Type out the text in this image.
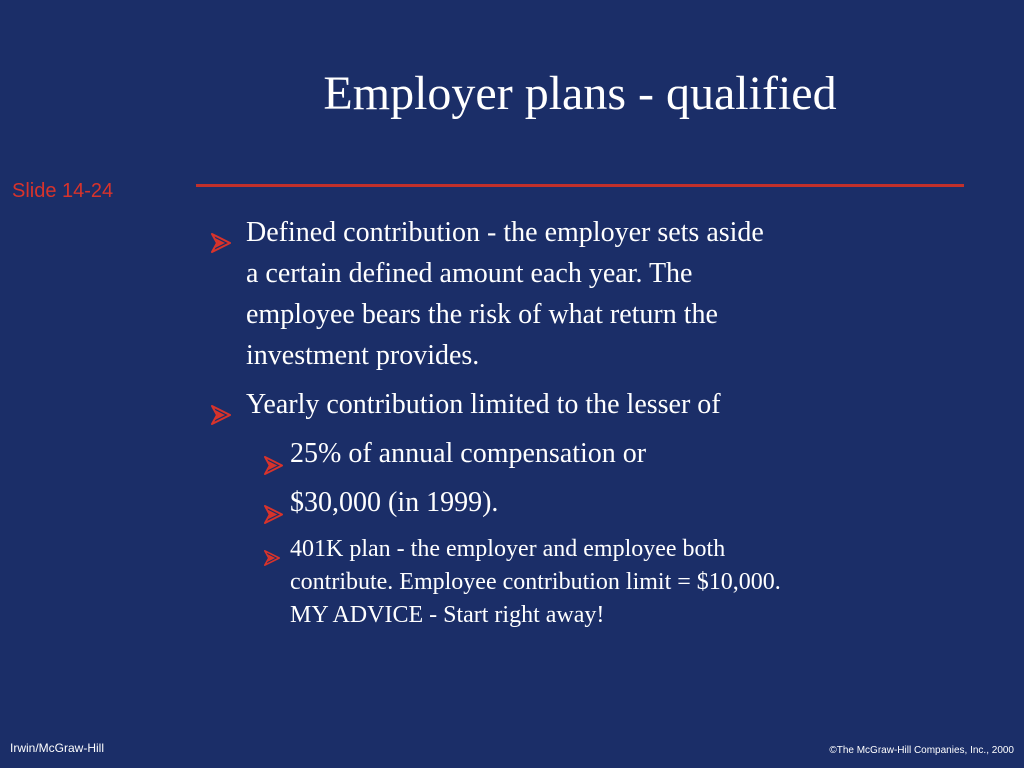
Employer plans - qualified
Slide 14-24
Defined contribution - the employer sets aside
a certain defined amount each year. The
employee bears the risk of what return the
investment provides.
Yearly contribution limited to the lesser of
25% of annual compensation or
$30,000 (in 1999).
401K plan - the employer and employee both
contribute. Employee contribution limit = $10,000.
MY ADVICE - Start right away!
Irwin/McGraw-Hill	©The McGraw-Hill Companies, Inc., 2000
